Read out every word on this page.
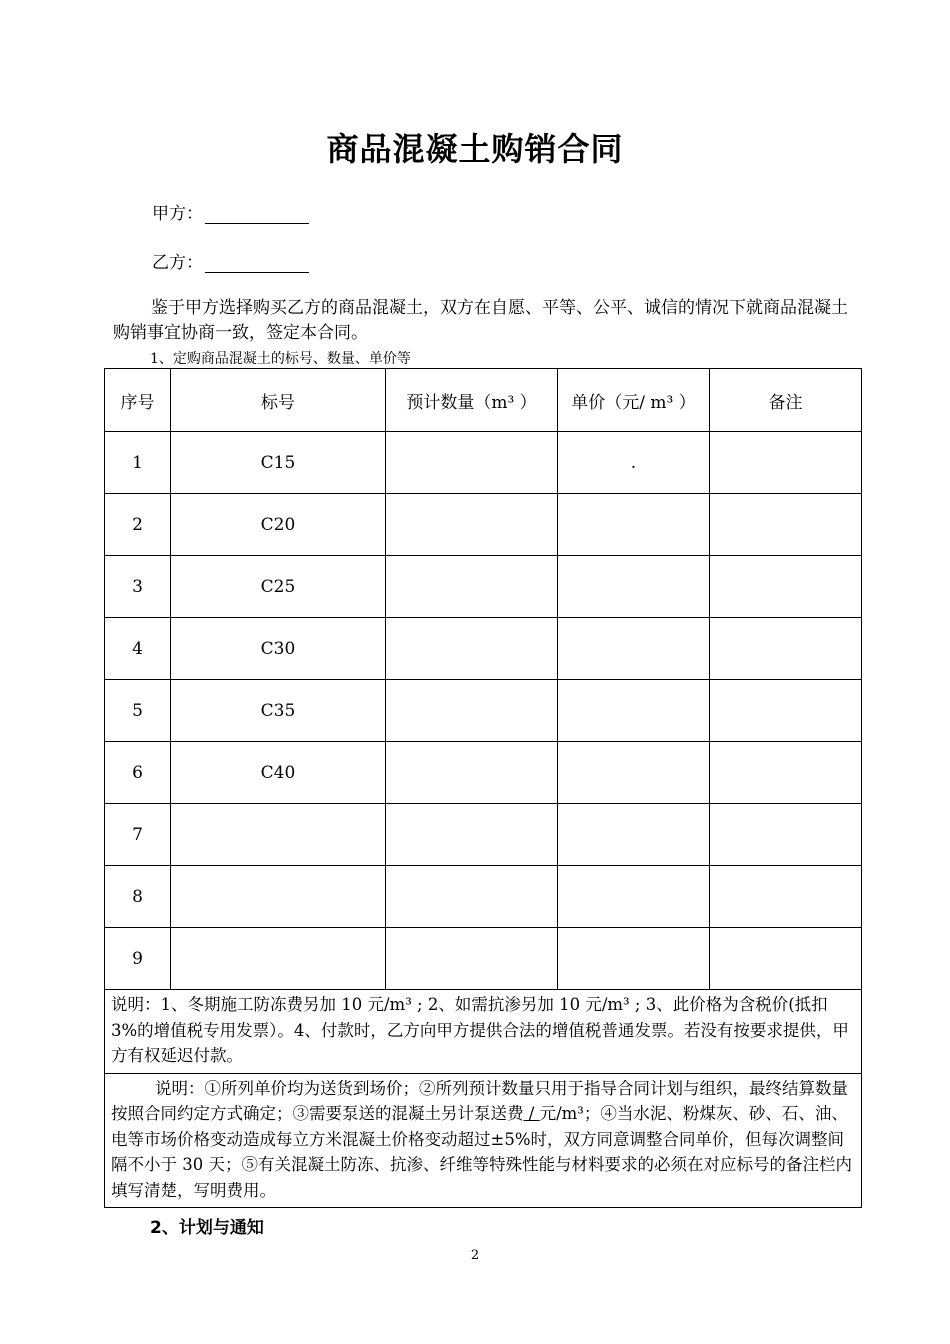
商品混凝土购销合同
甲方：
乙方：
鉴于甲方选择购买乙方的商品混凝土，双方在自愿、平等、公平、诚信的情况下就商品混凝土购销事宜协商一致，签定本合同。
1、定购商品混凝土的标号、数量、单价等
序号	标号	预计数量（m³ ）	单价（元/ m³ ）	备注
1	C15		.	
2	C20			
3	C25			
4	C30			
5	C35			
6	C40			
7				
8				
9				
说明：1、冬期施工防冻费另加 10 元/m³ ; 2、如需抗渗另加 10 元/m³ ; 3、此价格为含税价(抵扣 3%的增值税专用发票）。4、付款时，乙方向甲方提供合法的增值税普通发票。若没有按要求提供，甲方有权延迟付款。				
说明：①所列单价均为送货到场价；②所列预计数量只用于指导合同计划与组织，最终结算数量按照合同约定方式确定；③需要泵送的混凝土另计泵送费 / 元/m³；④当水泥、粉煤灰、砂、石、油、电等市场价格变动造成每立方米混凝土价格变动超过±5%时，双方同意调整合同单价，但每次调整间隔不小于 30 天；⑤有关混凝土防冻、抗渗、纤维等特殊性能与材料要求的必须在对应标号的备注栏内填写清楚，写明费用。				
2、计划与通知
2
